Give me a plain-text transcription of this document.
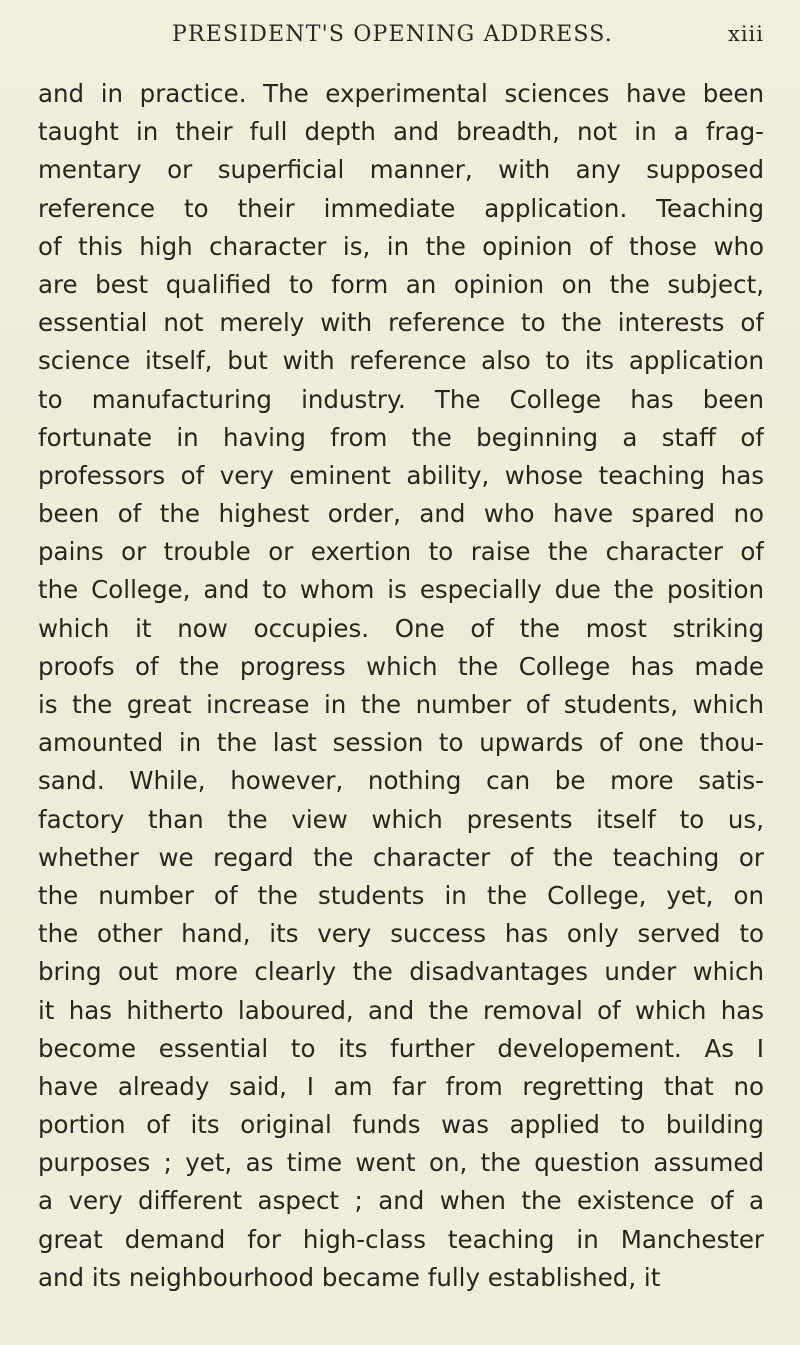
PRESIDENT'S OPENING ADDRESS.	xiii
and in practice. The experimental sciences have been
taught in their full depth and breadth, not in a frag-
mentary or superficial manner, with any supposed
reference to their immediate application. Teaching
of this high character is, in the opinion of those who
are best qualified to form an opinion on the subject,
essential not merely with reference to the interests of
science itself, but with reference also to its application
to manufacturing industry. The College has been
fortunate in having from the beginning a staff of
professors of very eminent ability, whose teaching has
been of the highest order, and who have spared no
pains or trouble or exertion to raise the character of
the College, and to whom is especially due the position
which it now occupies. One of the most striking
proofs of the progress which the College has made
is the great increase in the number of students, which
amounted in the last session to upwards of one thou-
sand. While, however, nothing can be more satis-
factory than the view which presents itself to us,
whether we regard the character of the teaching or
the number of the students in the College, yet, on
the other hand, its very success has only served to
bring out more clearly the disadvantages under which
it has hitherto laboured, and the removal of which has
become essential to its further developement. As I
have already said, I am far from regretting that no
portion of its original funds was applied to building
purposes ; yet, as time went on, the question assumed
a very different aspect ; and when the existence of a
great demand for high-class teaching in Manchester
and its neighbourhood became fully established, it
